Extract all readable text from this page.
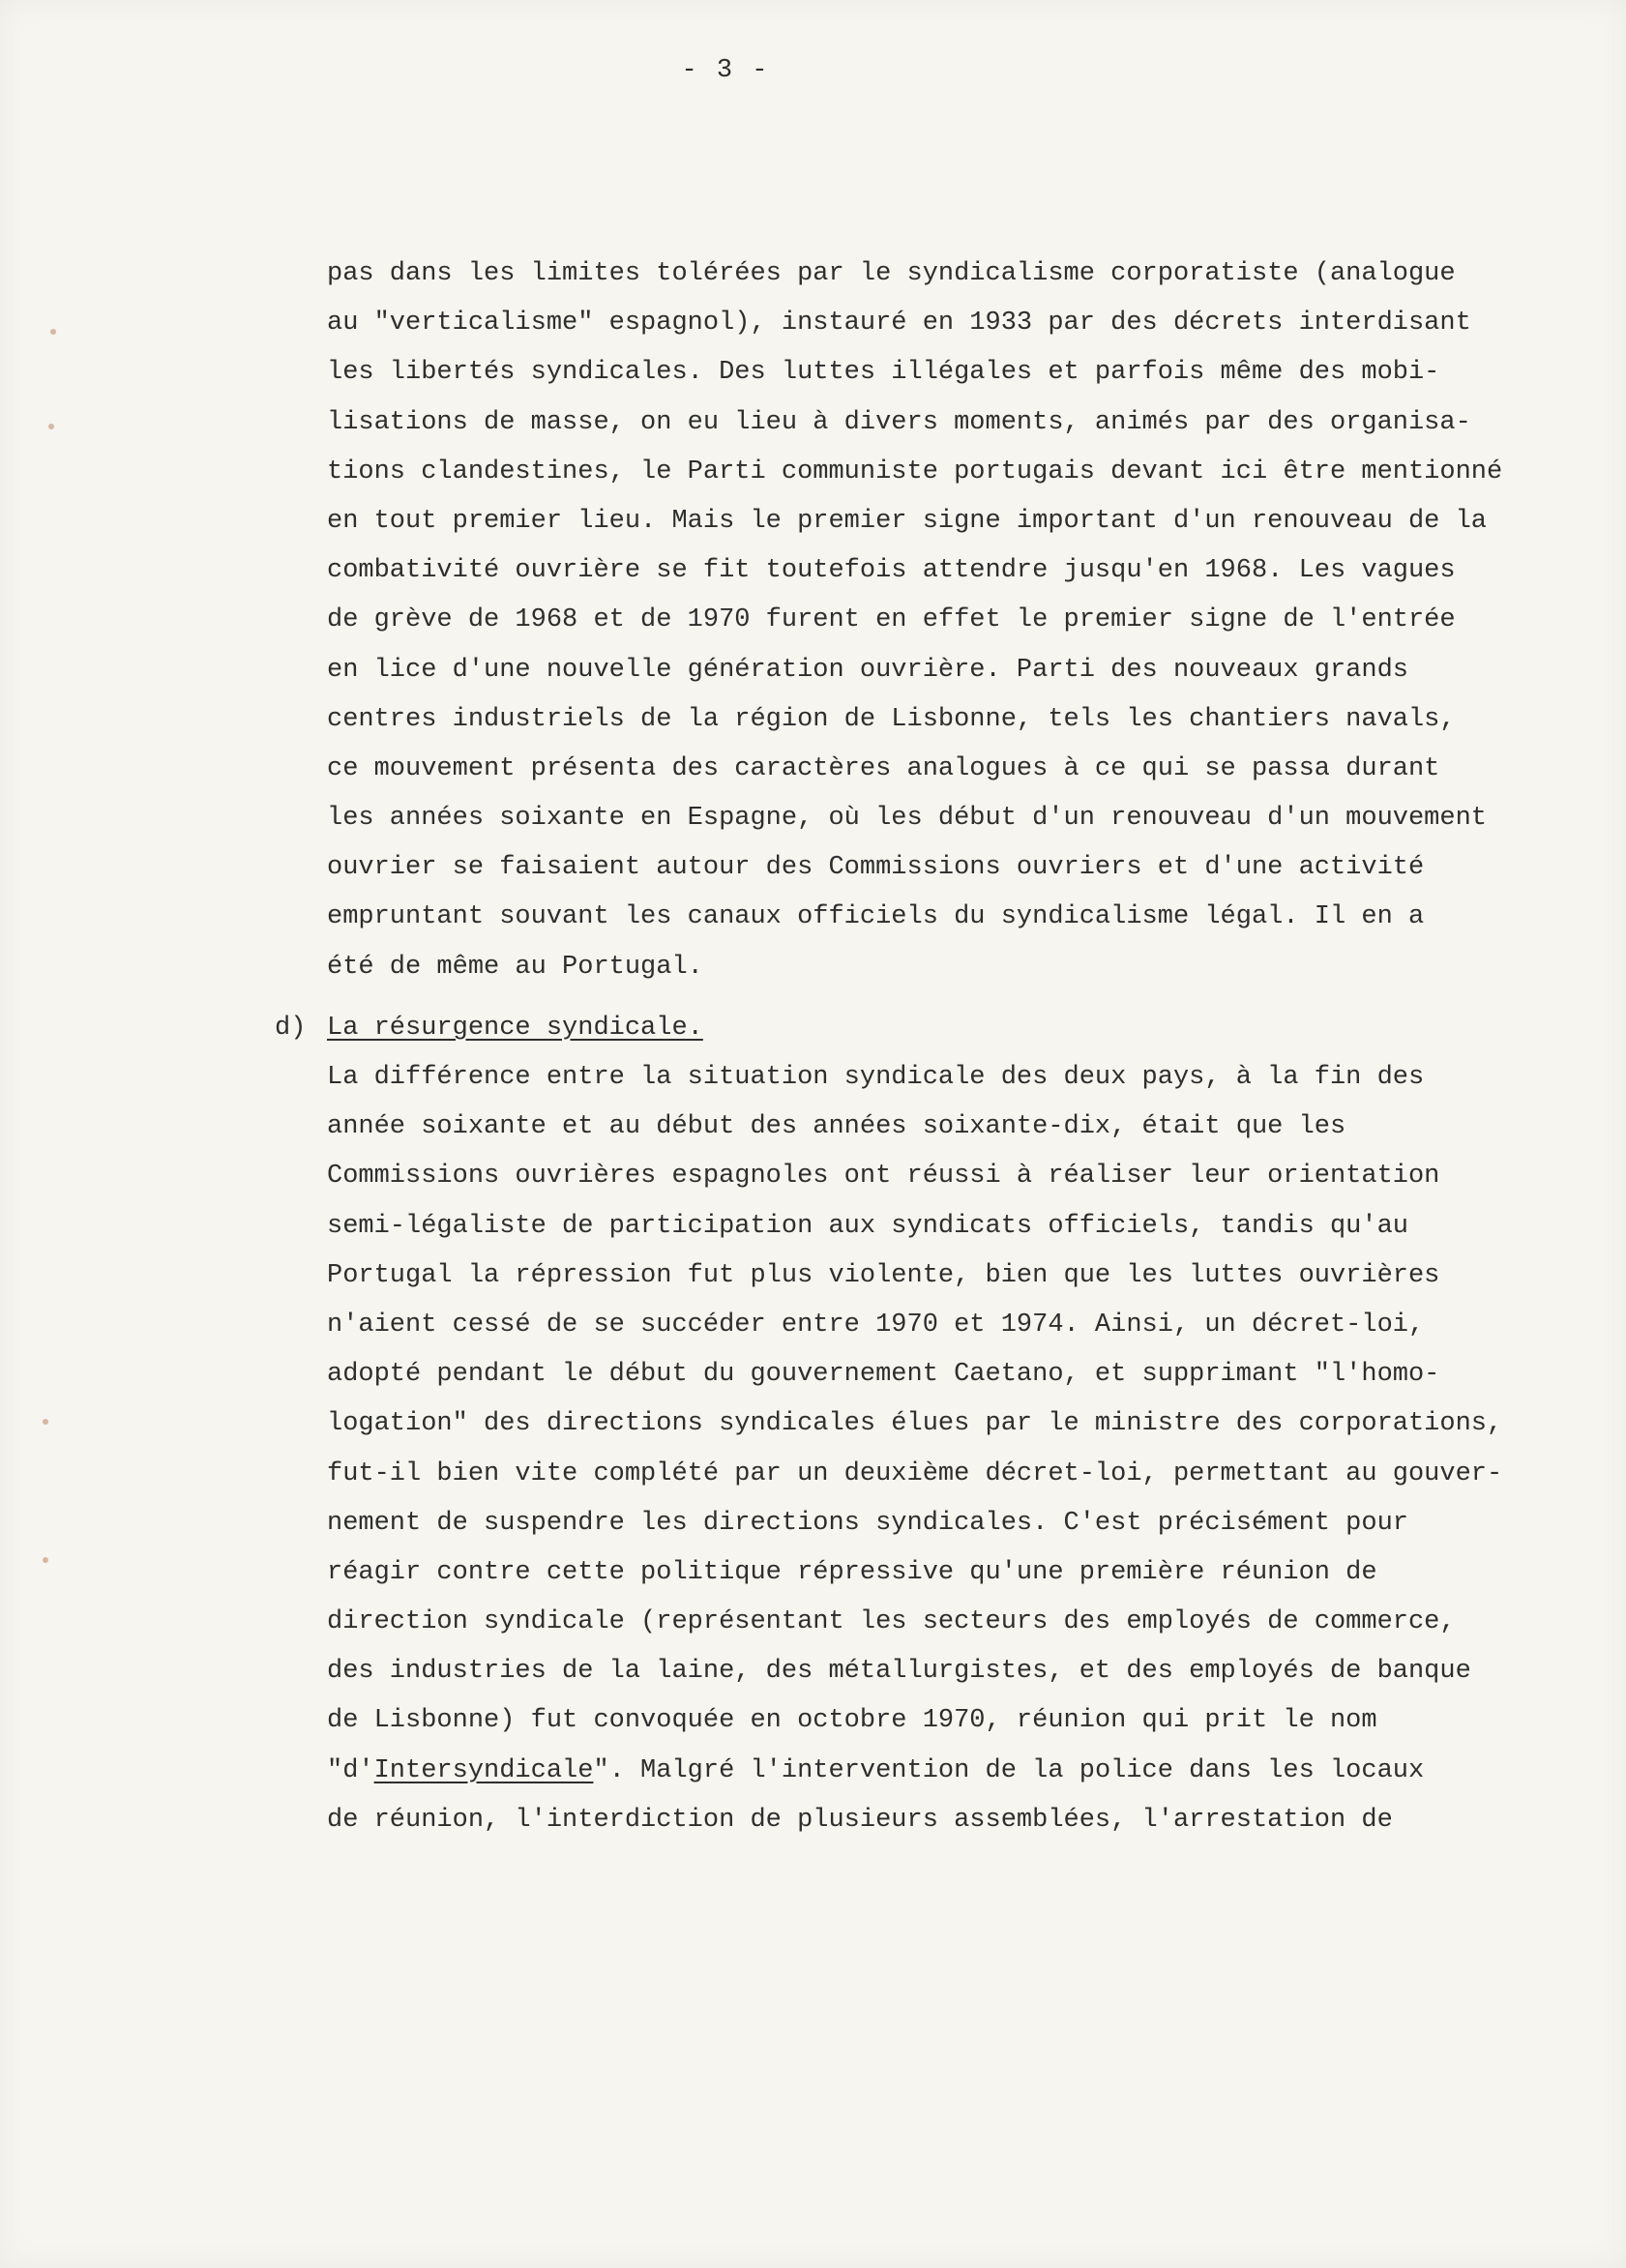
- 3 -
pas dans les limites tolérées par le syndicalisme corporatiste (analogue
au "verticalisme" espagnol), instauré en 1933 par des décrets interdisant
les libertés syndicales. Des luttes illégales et parfois même des mobi-
lisations de masse, on eu lieu à divers moments, animés par des organisa-
tions clandestines, le Parti communiste portugais devant ici être mentionné
en tout premier lieu. Mais le premier signe important d'un renouveau de la
combativité ouvrière se fit toutefois attendre jusqu'en 1968. Les vagues
de grève de 1968 et de 1970 furent en effet le premier signe de l'entrée
en lice d'une nouvelle génération ouvrière. Parti des nouveaux grands
centres industriels de la région de Lisbonne, tels les chantiers navals,
ce mouvement présenta des caractères analogues à ce qui se passa durant
les années soixante en Espagne, où les début d'un renouveau d'un mouvement
ouvrier se faisaient autour des Commissions ouvriers et d'une activité
empruntant souvant les canaux officiels du syndicalisme légal. Il en a
été de même au Portugal.
d) La résurgence syndicale.
La différence entre la situation syndicale des deux pays, à la fin des
année soixante et au début des années soixante-dix, était que les
Commissions ouvrières espagnoles ont réussi à réaliser leur orientation
semi-légaliste de participation aux syndicats officiels, tandis qu'au
Portugal la répression fut plus violente, bien que les luttes ouvrières
n'aient cessé de se succéder entre 1970 et 1974. Ainsi, un décret-loi,
adopté pendant le début du gouvernement Caetano, et supprimant "l'homo-
logation" des directions syndicales élues par le ministre des corporations,
fut-il bien vite complété par un deuxième décret-loi, permettant au gouver-
nement de suspendre les directions syndicales. C'est précisément pour
réagir contre cette politique répressive qu'une première réunion de
direction syndicale (représentant les secteurs des employés de commerce,
des industries de la laine, des métallurgistes, et des employés de banque
de Lisbonne) fut convoquée en octobre 1970, réunion qui prit le nom
"d'Intersyndicale". Malgré l'intervention de la police dans les locaux
de réunion, l'interdiction de plusieurs assemblées, l'arrestation de
